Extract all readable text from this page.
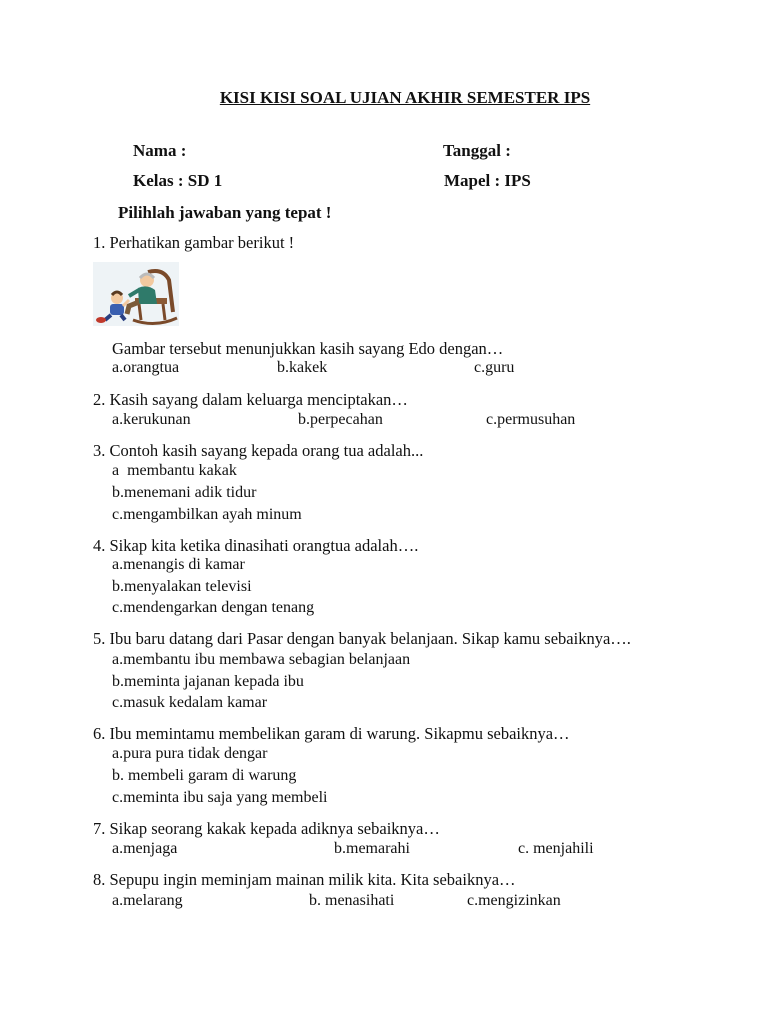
KISI KISI SOAL UJIAN AKHIR SEMESTER IPS
Nama :	Tanggal :
Kelas : SD 1	Mapel : IPS
Pilihlah jawaban yang tepat !
1. Perhatikan gambar berikut !
Gambar tersebut menunjukkan kasih sayang Edo dengan…
a.orangtua	b.kakek	c.guru
2. Kasih sayang dalam keluarga menciptakan…
a.kerukunan	b.perpecahan	c.permusuhan
3. Contoh kasih sayang kepada orang tua adalah...
a  membantu kakak
b.menemani adik tidur
c.mengambilkan ayah minum
4. Sikap kita ketika dinasihati orangtua adalah….
a.menangis di kamar
b.menyalakan televisi
c.mendengarkan dengan tenang
5. Ibu baru datang dari Pasar dengan banyak belanjaan. Sikap kamu sebaiknya….
a.membantu ibu membawa sebagian belanjaan
b.meminta jajanan kepada ibu
c.masuk kedalam kamar
6. Ibu memintamu membelikan garam di warung. Sikapmu sebaiknya…
a.pura pura tidak dengar
b. membeli garam di warung
c.meminta ibu saja yang membeli
7. Sikap seorang kakak kepada adiknya sebaiknya…
a.menjaga	b.memarahi	c. menjahili
8. Sepupu ingin meminjam mainan milik kita. Kita sebaiknya…
a.melarang	b. menasihati	c.mengizinkan
